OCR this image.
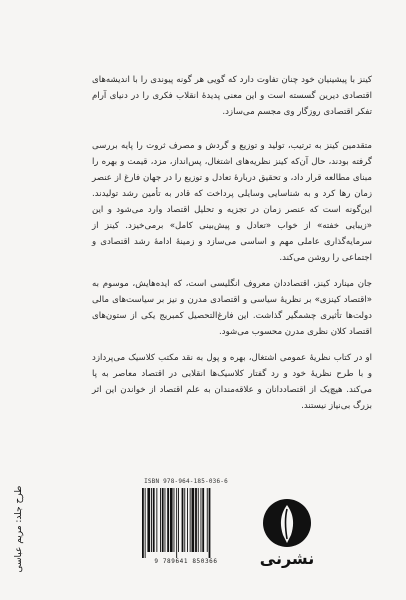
کینز با پیشینیان خود چنان تفاوت دارد که گویی هر گونه پیوندی را با اندیشه‌های اقتصادی دیرین گسسته است و این معنی پدیدهٔ انقلاب فکری را در دنیای آرام تفکر اقتصادی روزگار وی مجسم می‌سازد.

متقدمین کینز به ترتیب، تولید و توزیع و گردش و مصرف ثروت را پایه بررسی گرفته بودند، حال آن‌که کینز نظریه‌های اشتغال، پس‌انداز، مزد، قیمت و بهره را مبنای مطالعه قرار داد، و تحقیق دربارهٔ تعادل و توزیع را در جهان فارغ از عنصر زمان رها کرد و به شناسایی وسایلی پرداخت که قادر به تأمین رشد تولیدند. این‌گونه است که عنصر زمان در تجزیه و تحلیل اقتصاد وارد می‌شود و این «زیبایی خفته» از خواب «تعادل و پیش‌بینی کامل» برمی‌خیزد. کینز از سرمایه‌گذاری عاملی مهم و اساسی می‌سازد و زمینهٔ ادامهٔ رشد اقتصادی و اجتماعی را روشن می‌کند.

جان مینارد کینز، اقتصاددان معروف انگلیسی است، که ایده‌هایش، موسوم به «اقتصاد کینزی» بر نظریهٔ سیاسی و اقتصادی مدرن و نیز بر سیاست‌های مالی دولت‌ها تأثیری چشمگیر گذاشت. این فارغ‌التحصیل کمبریج یکی از ستون‌های اقتصاد کلان نظری مدرن محسوب می‌شود.

او در کتاب نظریهٔ عمومی اشتغال، بهره و پول به نقد مکتب کلاسیک می‌پردازد و با طرح نظریهٔ خود و رد گفتار کلاسیک‌ها انقلابی در اقتصاد معاصر به پا می‌کند. هیچ‌یک از اقتصاددانان و علاقه‌مندان به علم اقتصاد از خواندن این اثر بزرگ بی‌نیاز نیستند.

ISBN 978-964-185-036-6
9 789641 850366	نشرنی
طرح جلد: مریم عباسی
